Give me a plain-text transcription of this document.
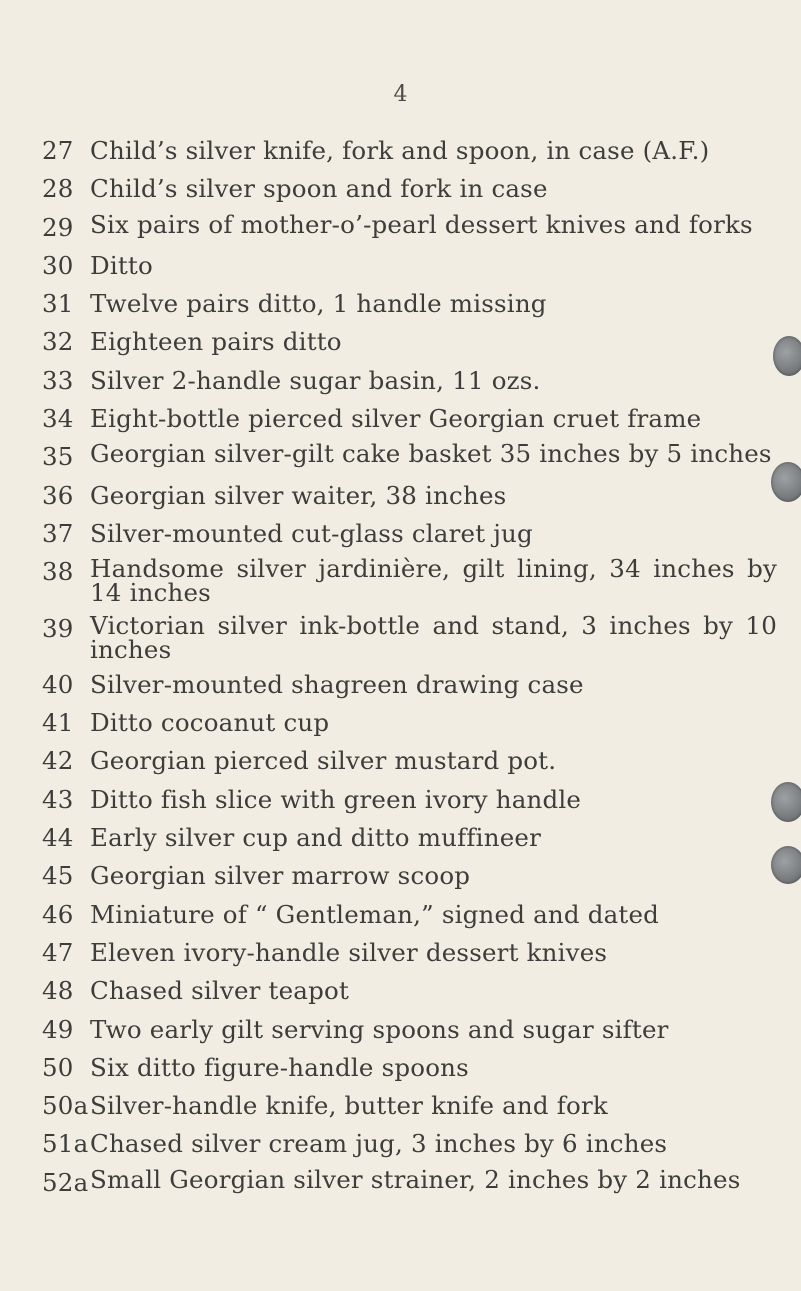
4
27 Child’s silver knife, fork and spoon, in case (A.F.)
28 Child’s silver spoon and fork in case
29 Six pairs of mother-o’-pearl dessert knives and forks
30 Ditto
31 Twelve pairs ditto, 1 handle missing
32 Eighteen pairs ditto
33 Silver 2-handle sugar basin, 11 ozs.
34 Eight-bottle pierced silver Georgian cruet frame
35 Georgian silver-gilt cake basket 35 inches by 5 inches
36 Georgian silver waiter, 38 inches
37 Silver-mounted cut-glass claret jug
38 Handsome silver jardinière, gilt lining, 34 inches by 14 inches
39 Victorian silver ink-bottle and stand, 3 inches by 10 inches
40 Silver-mounted shagreen drawing case
41 Ditto cocoanut cup
42 Georgian pierced silver mustard pot.
43 Ditto fish slice with green ivory handle
44 Early silver cup and ditto muffineer
45 Georgian silver marrow scoop
46 Miniature of “ Gentleman,” signed and dated
47 Eleven ivory-handle silver dessert knives
48 Chased silver teapot
49 Two early gilt serving spoons and sugar sifter
50 Six ditto figure-handle spoons
50a Silver-handle knife, butter knife and fork
51a Chased silver cream jug, 3 inches by 6 inches
52a Small Georgian silver strainer, 2 inches by 2 inches
